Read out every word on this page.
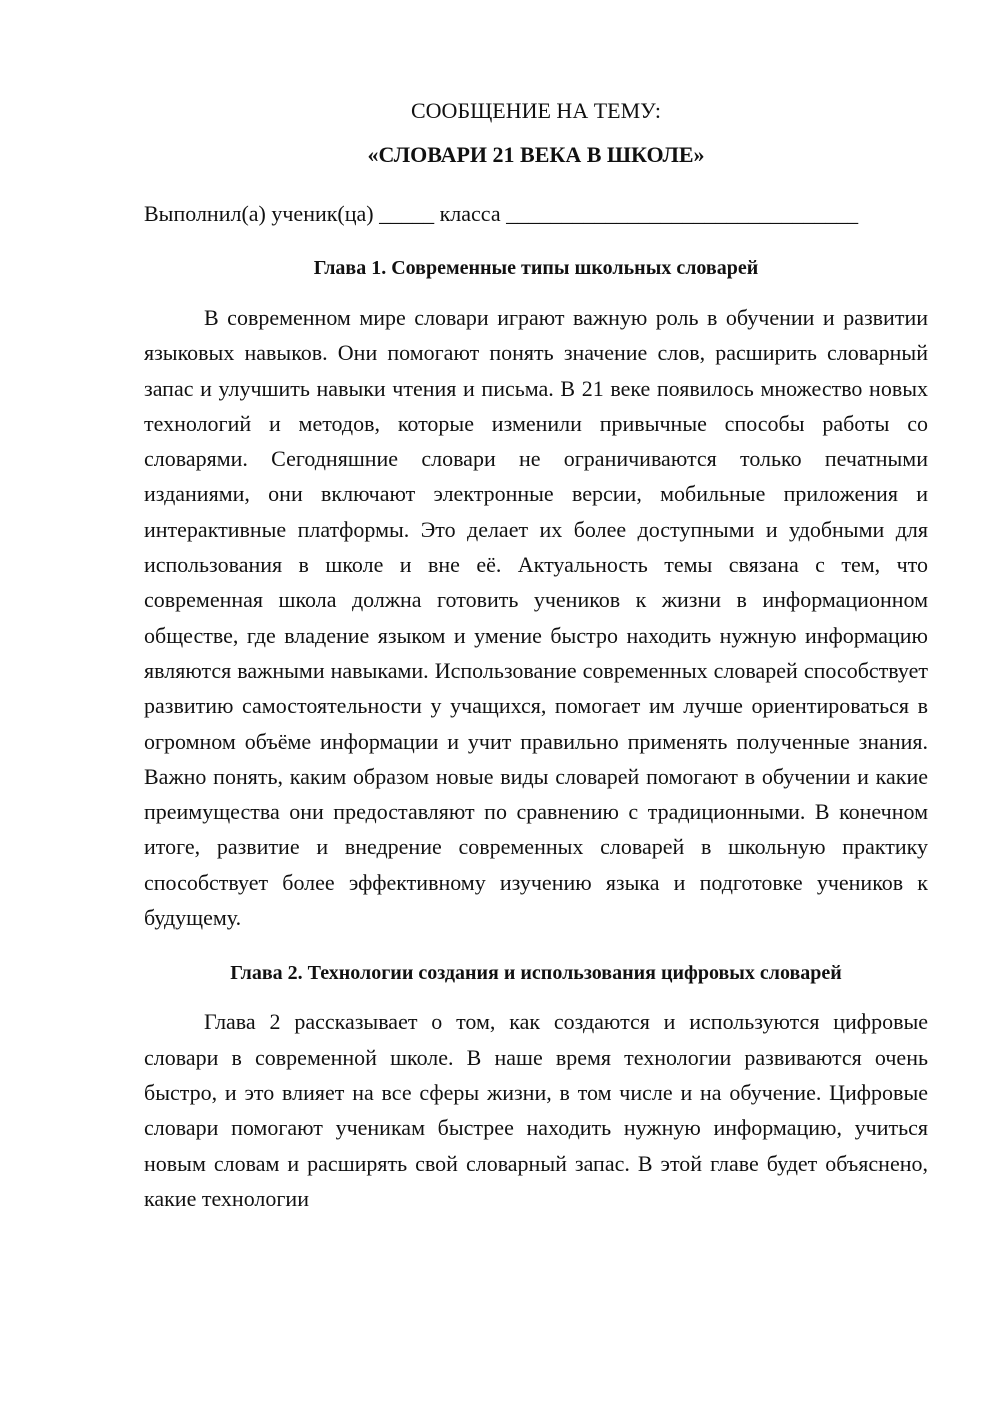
СООБЩЕНИЕ НА ТЕМУ:

«СЛОВАРИ 21 ВЕКА В ШКОЛЕ»

Выполнил(а) ученик(ца) _____ класса ________________________________
Глава 1. Современные типы школьных словарей

В современном мире словари играют важную роль в обучении и развитии языковых навыков. Они помогают понять значение слов, расширить словарный запас и улучшить навыки чтения и письма. В 21 веке появилось множество новых технологий и методов, которые изменили привычные способы работы со словарями. Сегодняшние словари не ограничиваются только печатными изданиями, они включают электронные версии, мобильные приложения и интерактивные платформы. Это делает их более доступными и удобными для использования в школе и вне её. Актуальность темы связана с тем, что современная школа должна готовить учеников к жизни в информационном обществе, где владение языком и умение быстро находить нужную информацию являются важными навыками. Использование современных словарей способствует развитию самостоятельности у учащихся, помогает им лучше ориентироваться в огромном объёме информации и учит правильно применять полученные знания. Важно понять, каким образом новые виды словарей помогают в обучении и какие преимущества они предоставляют по сравнению с традиционными. В конечном итоге, развитие и внедрение современных словарей в школьную практику способствует более эффективному изучению языка и подготовке учеников к будущему.

Глава 2. Технологии создания и использования цифровых словарей

Глава 2 рассказывает о том, как создаются и используются цифровые словари в современной школе. В наше время технологии развиваются очень быстро, и это влияет на все сферы жизни, в том числе и на обучение. Цифровые словари помогают ученикам быстрее находить нужную информацию, учиться новым словам и расширять свой словарный запас. В этой главе будет объяснено, какие технологии
